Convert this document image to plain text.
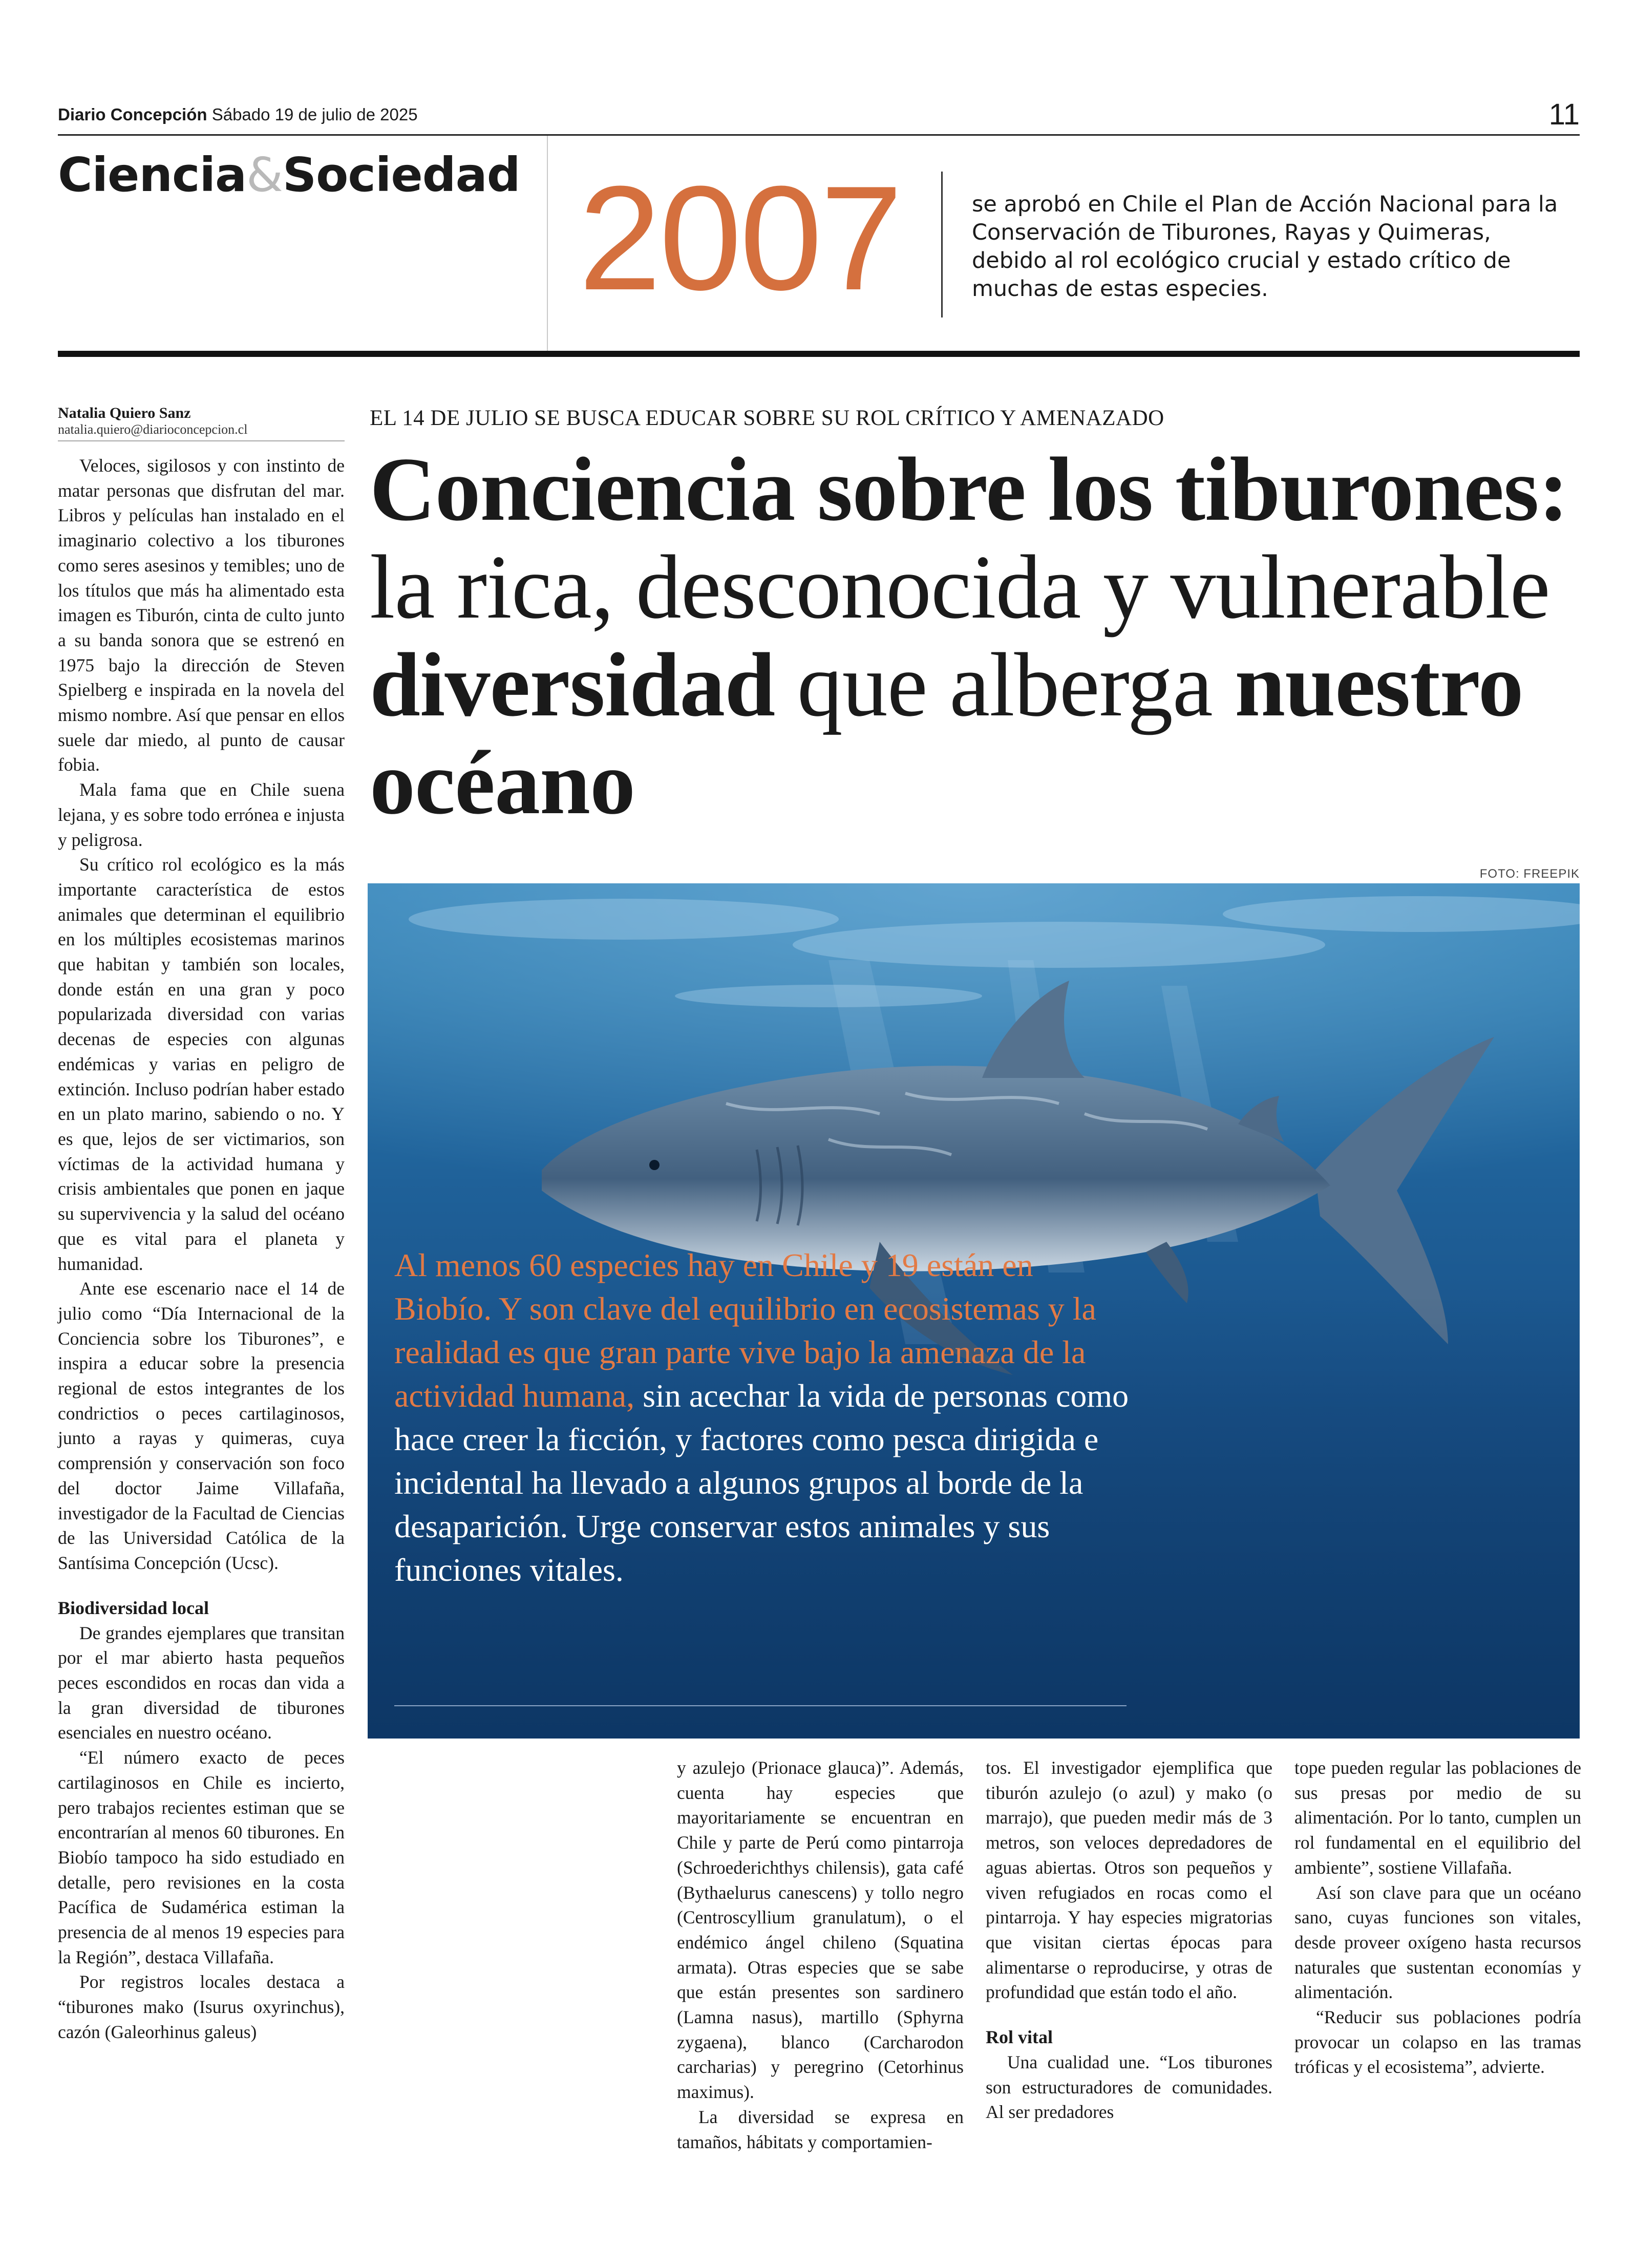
Diario Concepción Sábado 19 de julio de 2025	11
Ciencia&Sociedad 2007	se aprobó en Chile el Plan de Acción Nacional para la Conservación de Tiburones, Rayas y Quimeras, debido al rol ecológico crucial y estado crítico de muchas de estas especies.
Natalia Quiero Sanz
natalia.quiero@diarioconcepcion.cl

Veloces, sigilosos y con instinto de matar personas que disfrutan del mar. Libros y películas han instalado en el imaginario colectivo a los tiburones como seres asesinos y temibles; uno de los títulos que más ha alimentado esta imagen es Tiburón, cinta de culto junto a su banda sonora que se estrenó en 1975 bajo la dirección de Steven Spielberg e inspirada en la novela del mismo nombre. Así que pensar en ellos suele dar miedo, al punto de causar fobia.

Mala fama que en Chile suena lejana, y es sobre todo errónea e injusta y peligrosa.

Su crítico rol ecológico es la más importante característica de estos animales que determinan el equilibrio en los múltiples ecosistemas marinos que habitan y también son locales, donde están en una gran y poco popularizada diversidad con varias decenas de especies con algunas endémicas y varias en peligro de extinción. Incluso podrían haber estado en un plato marino, sabiendo o no. Y es que, lejos de ser victimarios, son víctimas de la actividad humana y crisis ambientales que ponen en jaque su supervivencia y la salud del océano que es vital para el planeta y humanidad.

Ante ese escenario nace el 14 de julio como “Día Internacional de la Conciencia sobre los Tiburones”, e inspira a educar sobre la presencia regional de estos integrantes de los condrictios o peces cartilaginosos, junto a rayas y quimeras, cuya comprensión y conservación son foco del doctor Jaime Villafaña, investigador de la Facultad de Ciencias de las Universidad Católica de la Santísima Concepción (Ucsc).

Biodiversidad local

De grandes ejemplares que transitan por el mar abierto hasta pequeños peces escondidos en rocas dan vida a la gran diversidad de tiburones esenciales en nuestro océano.

“El número exacto de peces cartilaginosos en Chile es incierto, pero trabajos recientes estiman que se encontrarían al menos 60 tiburones. En Biobío tampoco ha sido estudiado en detalle, pero revisiones en la costa Pacífica de Sudamérica estiman la presencia de al menos 19 especies para la Región”, destaca Villafaña.

Por registros locales destaca a “tiburones mako (Isurus oxyrinchus), cazón (Galeorhinus galeus)

EL 14 DE JULIO SE BUSCA EDUCAR SOBRE SU ROL CRÍTICO Y AMENAZADO
Conciencia sobre los tiburones: la rica, desconocida y vulnerable diversidad que alberga nuestro océano
FOTO: FREEPIK
Al menos 60 especies hay en Chile y 19 están en Biobío. Y son clave del equilibrio en ecosistemas y la realidad es que gran parte vive bajo la amenaza de la actividad humana, sin acechar la vida de personas como hace creer la ficción, y factores como pesca dirigida e incidental ha llevado a algunos grupos al borde de la desaparición. Urge conservar estos animales y sus funciones vitales.

y azulejo (Prionace glauca)”. Además, cuenta hay especies que mayoritariamente se encuentran en Chile y parte de Perú como pintarroja (Schroederichthys chilensis), gata café (Bythaelurus canescens) y tollo negro (Centroscyllium granulatum), o el endémico ángel chileno (Squatina armata). Otras especies que se sabe que están presentes son sardinero (Lamna nasus), martillo (Sphyrna zygaena), blanco (Carcharodon carcharias) y peregrino (Cetorhinus maximus).

La diversidad se expresa en tamaños, hábitats y comportamien-

tos. El investigador ejemplifica que tiburón azulejo (o azul) y mako (o marrajo), que pueden medir más de 3 metros, son veloces depredadores de aguas abiertas. Otros son pequeños y viven refugiados en rocas como el pintarroja. Y hay especies migratorias que visitan ciertas épocas para alimentarse o reproducirse, y otras de profundidad que están todo el año.

Rol vital

Una cualidad une. “Los tiburones son estructuradores de comunidades. Al ser predadores

tope pueden regular las poblaciones de sus presas por medio de su alimentación. Por lo tanto, cumplen un rol fundamental en el equilibrio del ambiente”, sostiene Villafaña.

Así son clave para que un océano sano, cuyas funciones son vitales, desde proveer oxígeno hasta recursos naturales que sustentan economías y alimentación.

“Reducir sus poblaciones podría provocar un colapso en las tramas tróficas y el ecosistema”, advierte.
